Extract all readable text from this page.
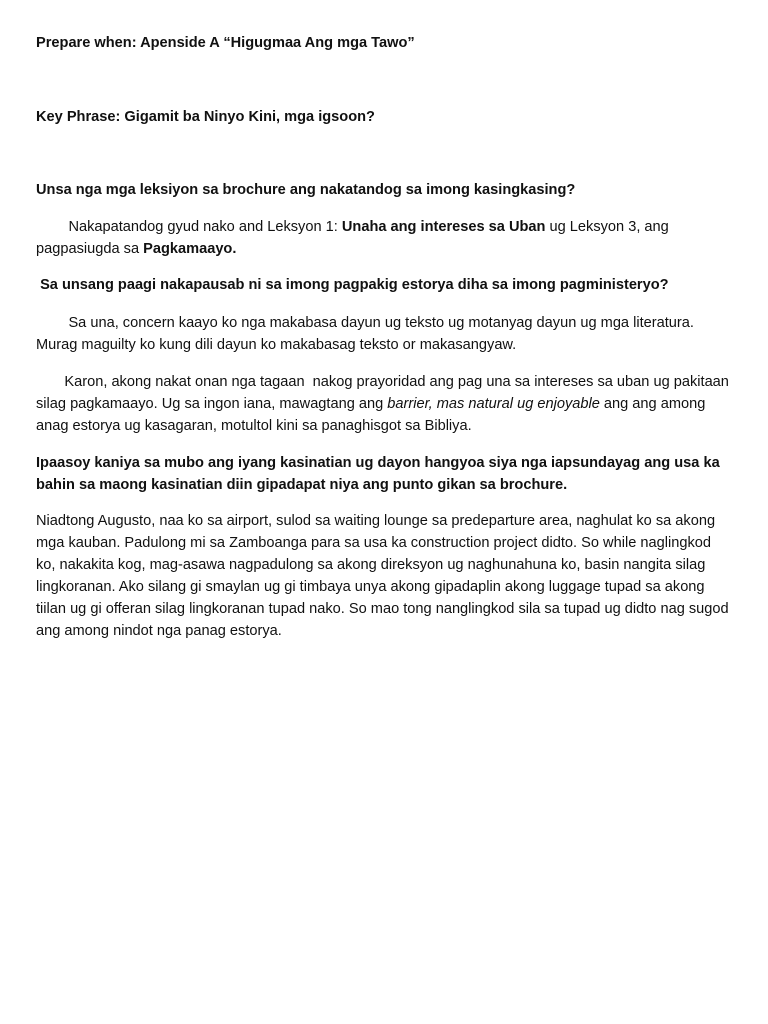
Prepare when: Apenside A “Higugmaa Ang mga Tawo”
Key Phrase: Gigamit ba Ninyo Kini, mga igsoon?
Unsa nga mga leksiyon sa brochure ang nakatandog sa imong kasingkasing?

Nakapatandog gyud nako and Leksyon 1: Unaha ang intereses sa Uban ug Leksyon 3, ang pagpasiugda sa Pagkamaayo.

Sa unsang paagi nakapausab ni sa imong pagpakig estorya diha sa imong pagministeryo?

Sa una, concern kaayo ko nga makabasa dayun ug teksto ug motanyag dayun ug mga literatura. Murag maguilty ko kung dili dayun ko makabasag teksto or makasangyaw.

Karon, akong nakat onan nga tagaan  nakog prayoridad ang pag una sa intereses sa uban ug pakitaan silag pagkamaayo. Ug sa ingon iana, mawagtang ang barrier, mas natural ug enjoyable ang ang among anag estorya ug kasagaran, motultol kini sa panaghisgot sa Bibliya.

Ipaasoy kaniya sa mubo ang iyang kasinatian ug dayon hangyoa siya nga iapsundayag ang usa ka bahin sa maong kasinatian diin gipadapat niya ang punto gikan sa brochure.

Niadtong Augusto, naa ko sa airport, sulod sa waiting lounge sa predeparture area, naghulat ko sa akong mga kauban. Padulong mi sa Zamboanga para sa usa ka construction project didto. So while naglingkod ko, nakakita kog, mag-asawa nagpadulong sa akong direksyon ug naghunahuna ko, basin nangita silag lingkoranan. Ako silang gi smaylan ug gi timbaya unya akong gipadaplin akong luggage tupad sa akong tiilan ug gi offeran silag lingkoranan tupad nako. So mao tong nanglingkod sila sa tupad ug didto nag sugod ang among nindot nga panag estorya.
